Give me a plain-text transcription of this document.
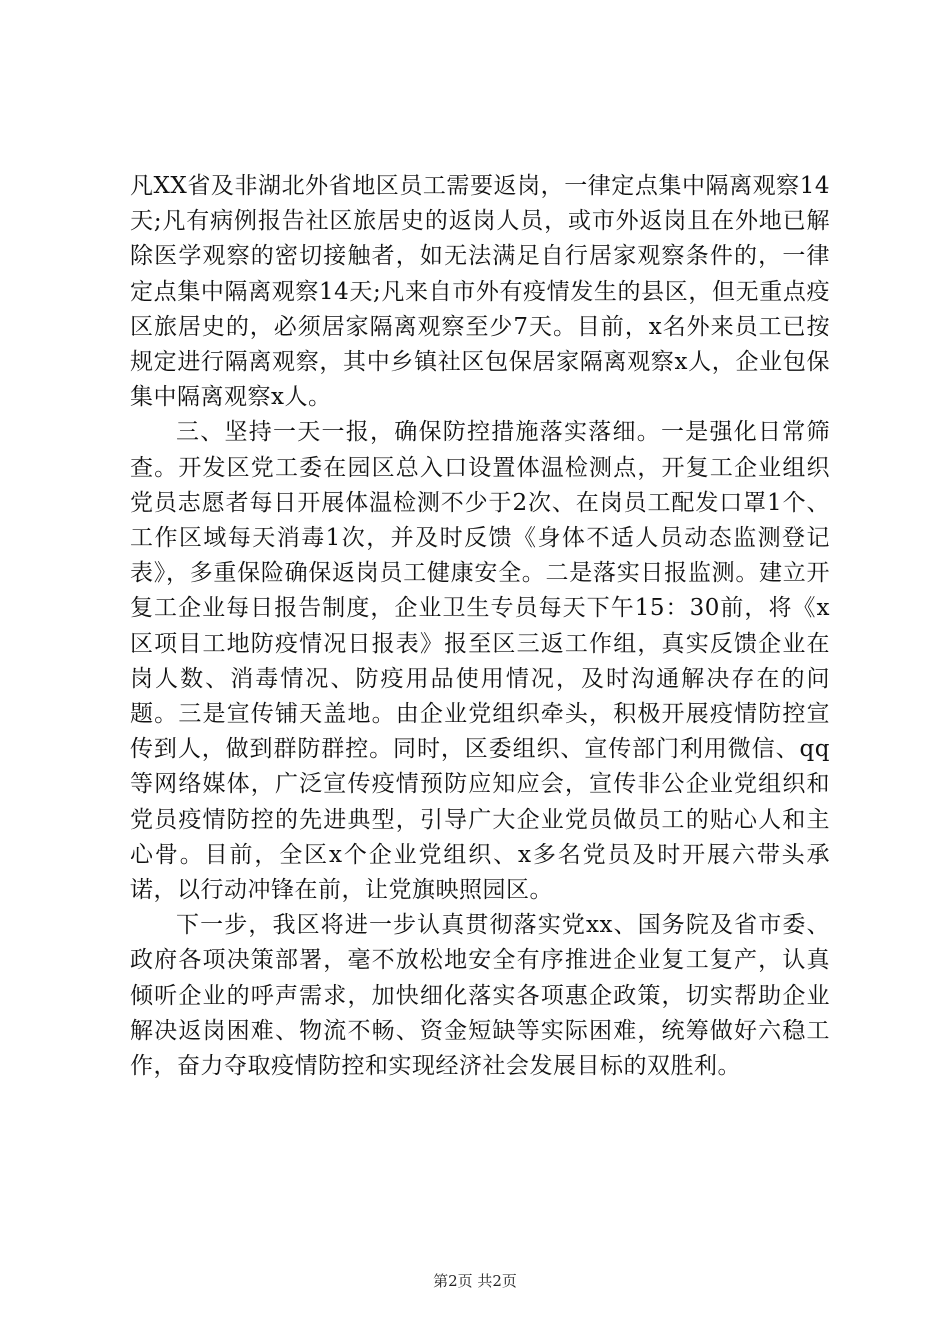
凡XX省及非湖北外省地区员工需要返岗，一律定点集中隔离观察14天;凡有病例报告社区旅居史的返岗人员，或市外返岗且在外地已解除医学观察的密切接触者，如无法满足自行居家观察条件的，一律定点集中隔离观察14天;凡来自市外有疫情发生的县区，但无重点疫区旅居史的，必须居家隔离观察至少7天。目前，x名外来员工已按规定进行隔离观察，其中乡镇社区包保居家隔离观察x人，企业包保集中隔离观察x人。

三、坚持一天一报，确保防控措施落实落细。一是强化日常筛查。开发区党工委在园区总入口设置体温检测点，开复工企业组织党员志愿者每日开展体温检测不少于2次、在岗员工配发口罩1个、工作区域每天消毒1次，并及时反馈《身体不适人员动态监测登记表》，多重保险确保返岗员工健康安全。二是落实日报监测。建立开复工企业每日报告制度，企业卫生专员每天下午15：30前，将《x区项目工地防疫情况日报表》报至区三返工作组，真实反馈企业在岗人数、消毒情况、防疫用品使用情况，及时沟通解决存在的问题。三是宣传铺天盖地。由企业党组织牵头，积极开展疫情防控宣传到人，做到群防群控。同时，区委组织、宣传部门利用微信、qq等网络媒体，广泛宣传疫情预防应知应会，宣传非公企业党组织和党员疫情防控的先进典型，引导广大企业党员做员工的贴心人和主心骨。目前，全区x个企业党组织、x多名党员及时开展六带头承诺，以行动冲锋在前，让党旗映照园区。

下一步，我区将进一步认真贯彻落实党xx、国务院及省市委、政府各项决策部署，毫不放松地安全有序推进企业复工复产，认真倾听企业的呼声需求，加快细化落实各项惠企政策，切实帮助企业解决返岗困难、物流不畅、资金短缺等实际困难，统筹做好六稳工作，奋力夺取疫情防控和实现经济社会发展目标的双胜利。

第2页 共2页
